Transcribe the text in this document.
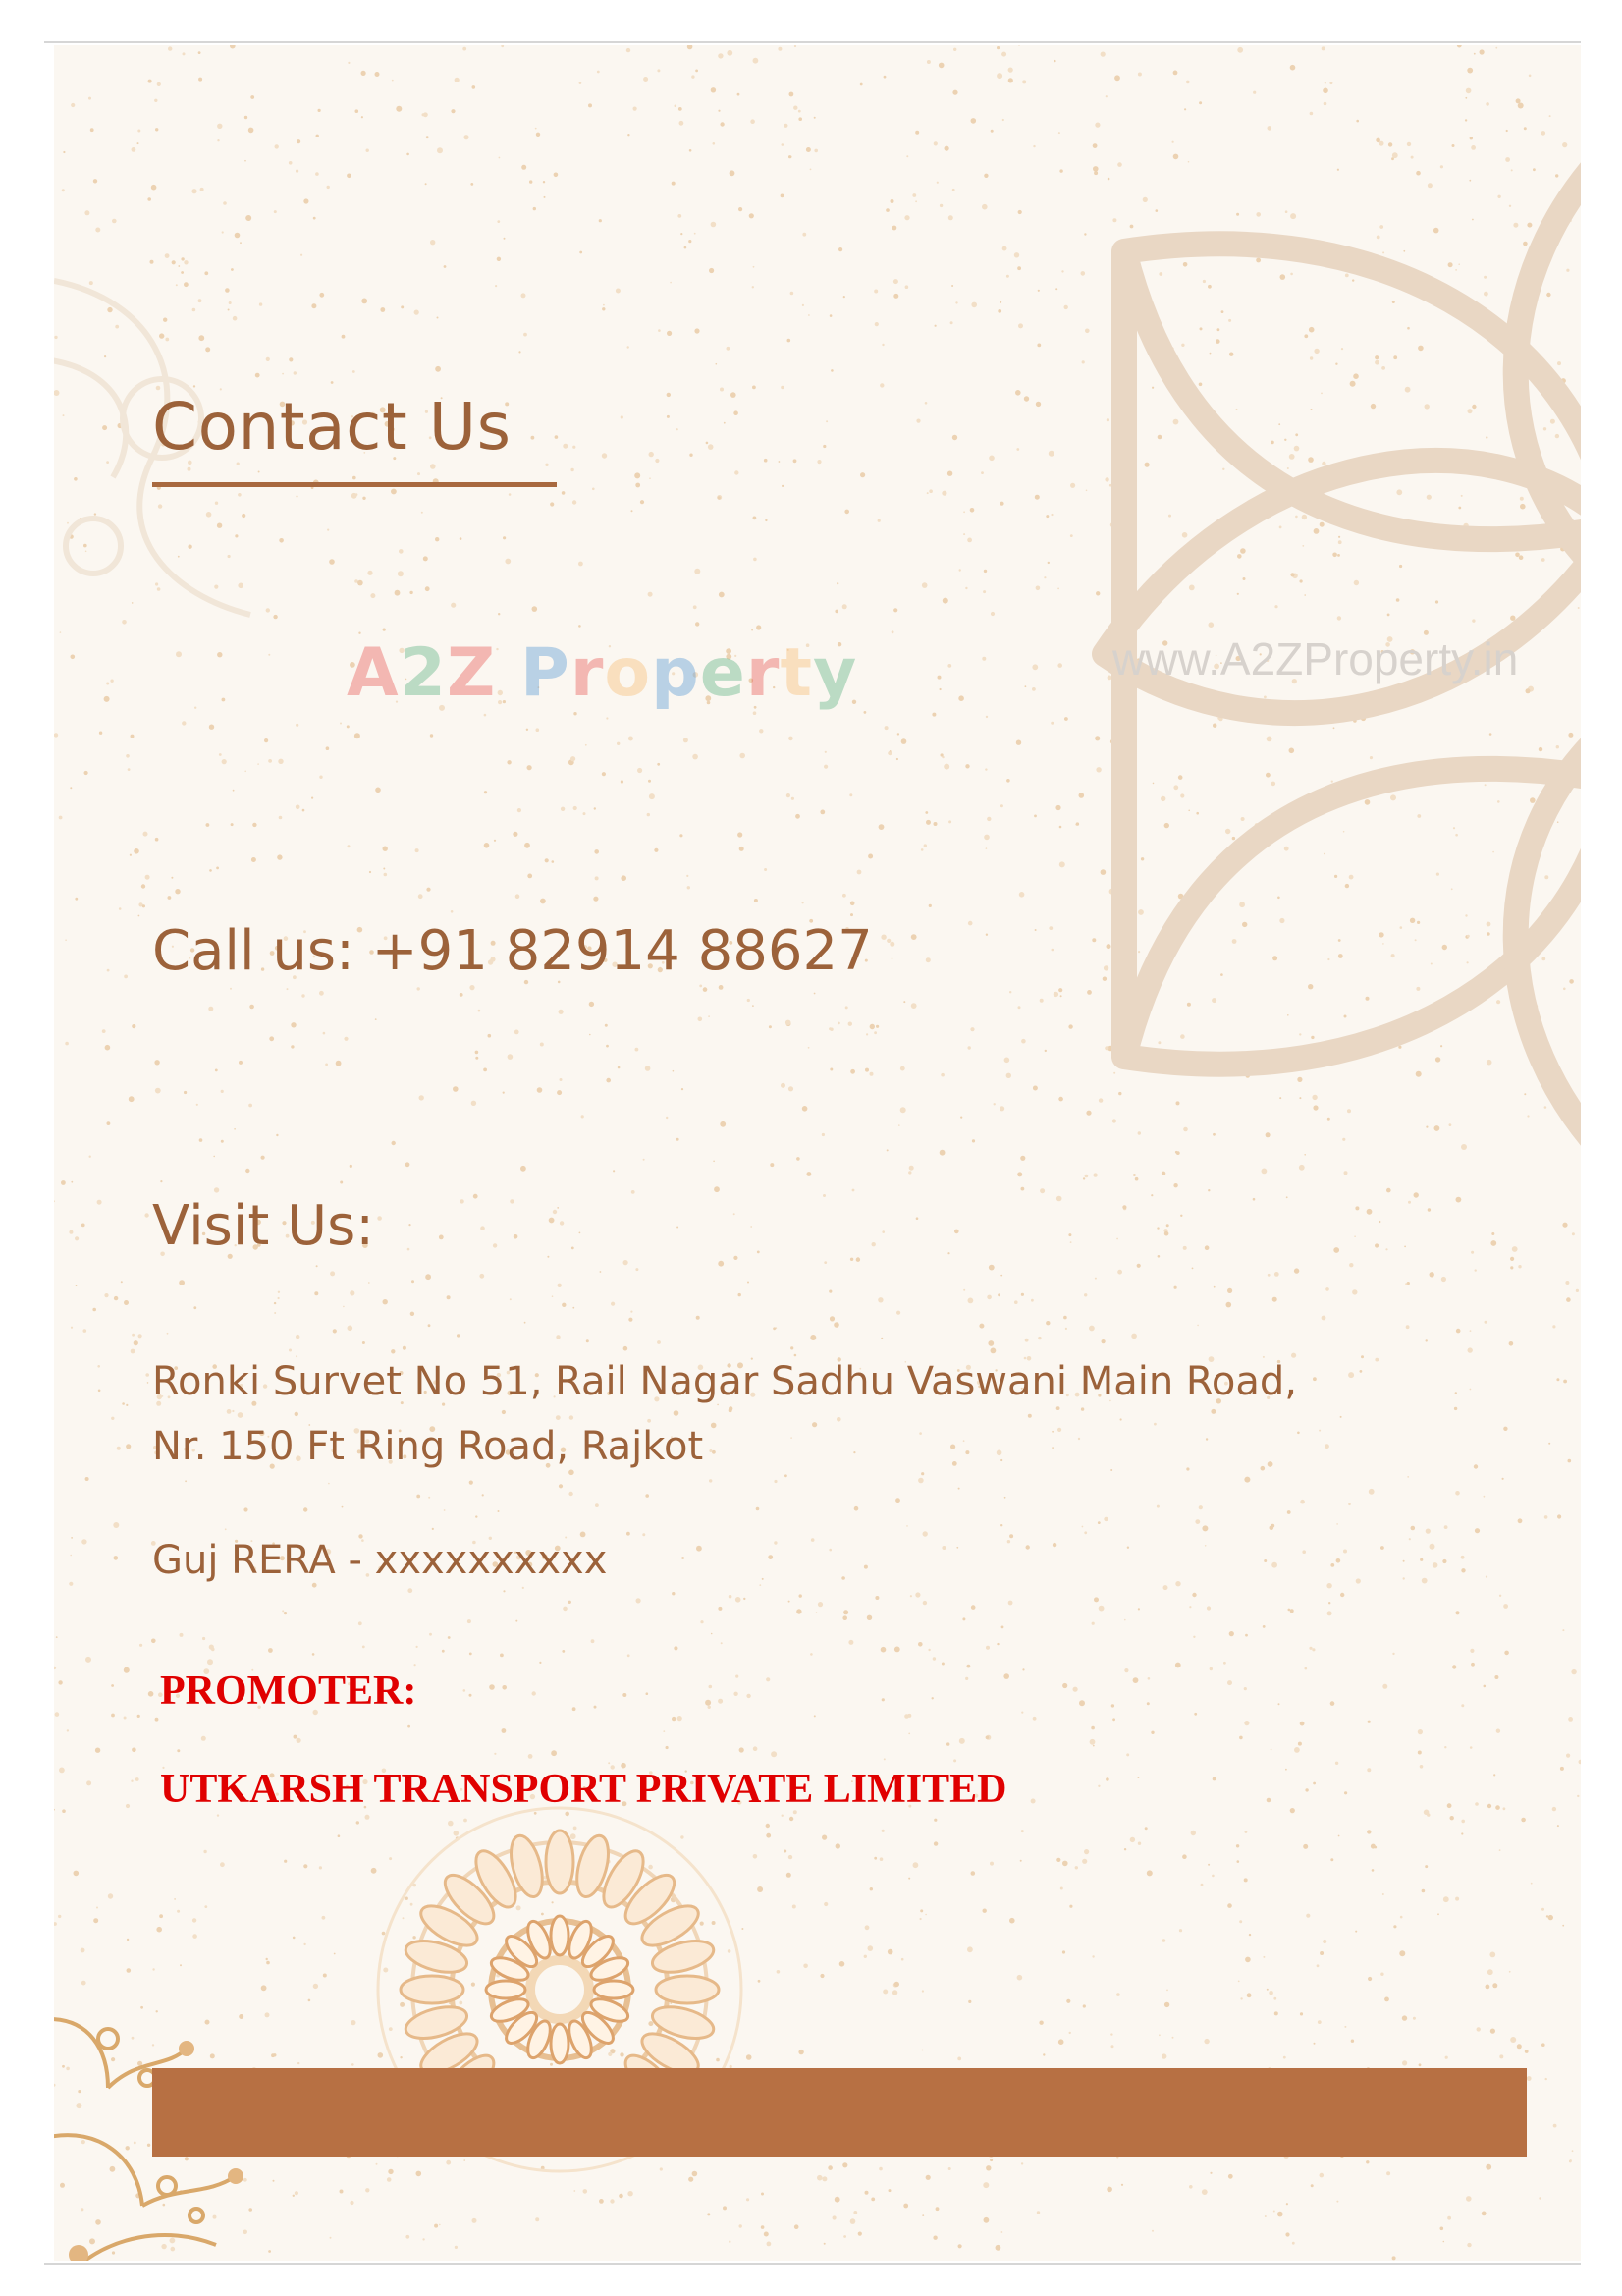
Contact Us
A2Z Property	www.A2ZProperty.in
Call us: +91 82914 88627
Visit Us:
Ronki Survet No 51, Rail Nagar Sadhu Vaswani Main Road,
Nr. 150 Ft Ring Road, Rajkot
Guj RERA - xxxxxxxxxx
PROMOTER:
UTKARSH TRANSPORT PRIVATE LIMITED
